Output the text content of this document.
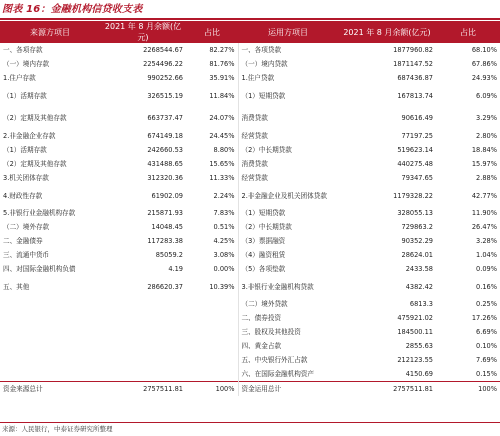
图表 16：金融机构信贷收支表
来源方项目	2021 年 8 月余额(亿元)	占比	运用方项目	2021 年 8 月余额(亿元)	占比
一、各项存款	2268544.67	82.27%	一、各项贷款	1877960.82	68.10%
（一）境内存款	2254496.22	81.76%	（一）境内贷款	1871147.52	67.86%
1.住户存款	990252.66	35.91%	1.住户贷款	687436.87	24.93%
（1）活期存款	326515.19	11.84%	（1）短期贷款	167813.74	6.09%
（2）定期及其他存款	663737.47	24.07%	消费贷款	90616.49	3.29%
2.非金融企业存款	674149.18	24.45%	经营贷款	77197.25	2.80%
（1）活期存款	242660.53	8.80%	（2）中长期贷款	519623.14	18.84%
（2）定期及其他存款	431488.65	15.65%	消费贷款	440275.48	15.97%
3.机关团体存款	312320.36	11.33%	经营贷款	79347.65	2.88%
4.财政性存款	61902.09	2.24%	2.非金融企业及机关团体贷款	1179328.22	42.77%
5.非银行业金融机构存款	215871.93	7.83%	（1）短期贷款	328055.13	11.90%
（二）境外存款	14048.45	0.51%	（2）中长期贷款	729863.2	26.47%
二、金融债券	117283.38	4.25%	（3）票据融资	90352.29	3.28%
三、流通中货币	85059.2	3.08%	（4）融资租赁	28624.01	1.04%
四、对国际金融机构负债	4.19	0.00%	（5）各项垫款	2433.58	0.09%
五、其他	286620.37	10.39%	3.非银行业金融机构贷款	4382.42	0.16%
			（二）境外贷款	6813.3	0.25%
			二、债券投资	475921.02	17.26%
			三、股权及其他投资	184500.11	6.69%
			四、黄金占款	2855.63	0.10%
			五、中央银行外汇占款	212123.55	7.69%
			六、在国际金融机构资产	4150.69	0.15%
资金来源总计	2757511.81	100%	资金运用总计	2757511.81	100%
来源：人民银行，中泰证券研究所整理
